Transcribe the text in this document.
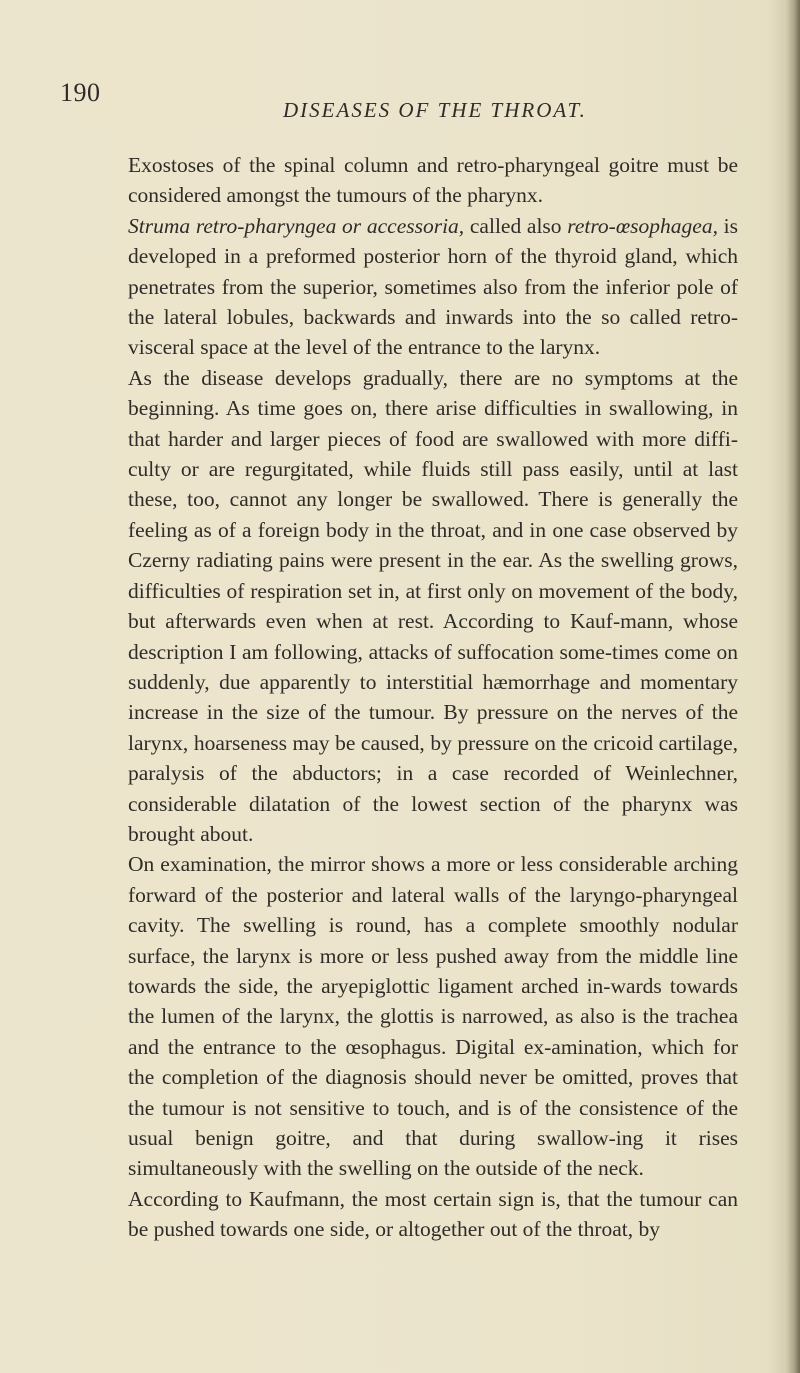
190
DISEASES OF THE THROAT.

Exostoses of the spinal column and retro-pharyngeal goitre must be considered amongst the tumours of the pharynx.

Struma retro-pharyngea or accessoria, called also retro-œsophagea, is developed in a preformed posterior horn of the thyroid gland, which penetrates from the superior, sometimes also from the inferior pole of the lateral lobules, backwards and inwards into the so called retro-visceral space at the level of the entrance to the larynx.

As the disease develops gradually, there are no symptoms at the beginning. As time goes on, there arise difficulties in swallowing, in that harder and larger pieces of food are swallowed with more diffi-culty or are regurgitated, while fluids still pass easily, until at last these, too, cannot any longer be swallowed. There is generally the feeling as of a foreign body in the throat, and in one case observed by Czerny radiating pains were present in the ear. As the swelling grows, difficulties of respiration set in, at first only on movement of the body, but afterwards even when at rest. According to Kauf-mann, whose description I am following, attacks of suffocation some-times come on suddenly, due apparently to interstitial hæmorrhage and momentary increase in the size of the tumour. By pressure on the nerves of the larynx, hoarseness may be caused, by pressure on the cricoid cartilage, paralysis of the abductors; in a case recorded of Weinlechner, considerable dilatation of the lowest section of the pharynx was brought about.

On examination, the mirror shows a more or less considerable arching forward of the posterior and lateral walls of the laryngo-pharyngeal cavity. The swelling is round, has a complete smoothly nodular surface, the larynx is more or less pushed away from the middle line towards the side, the aryepiglottic ligament arched in-wards towards the lumen of the larynx, the glottis is narrowed, as also is the trachea and the entrance to the œsophagus. Digital ex-amination, which for the completion of the diagnosis should never be omitted, proves that the tumour is not sensitive to touch, and is of the consistence of the usual benign goitre, and that during swallow-ing it rises simultaneously with the swelling on the outside of the neck.

According to Kaufmann, the most certain sign is, that the tumour can be pushed towards one side, or altogether out of the throat, by
